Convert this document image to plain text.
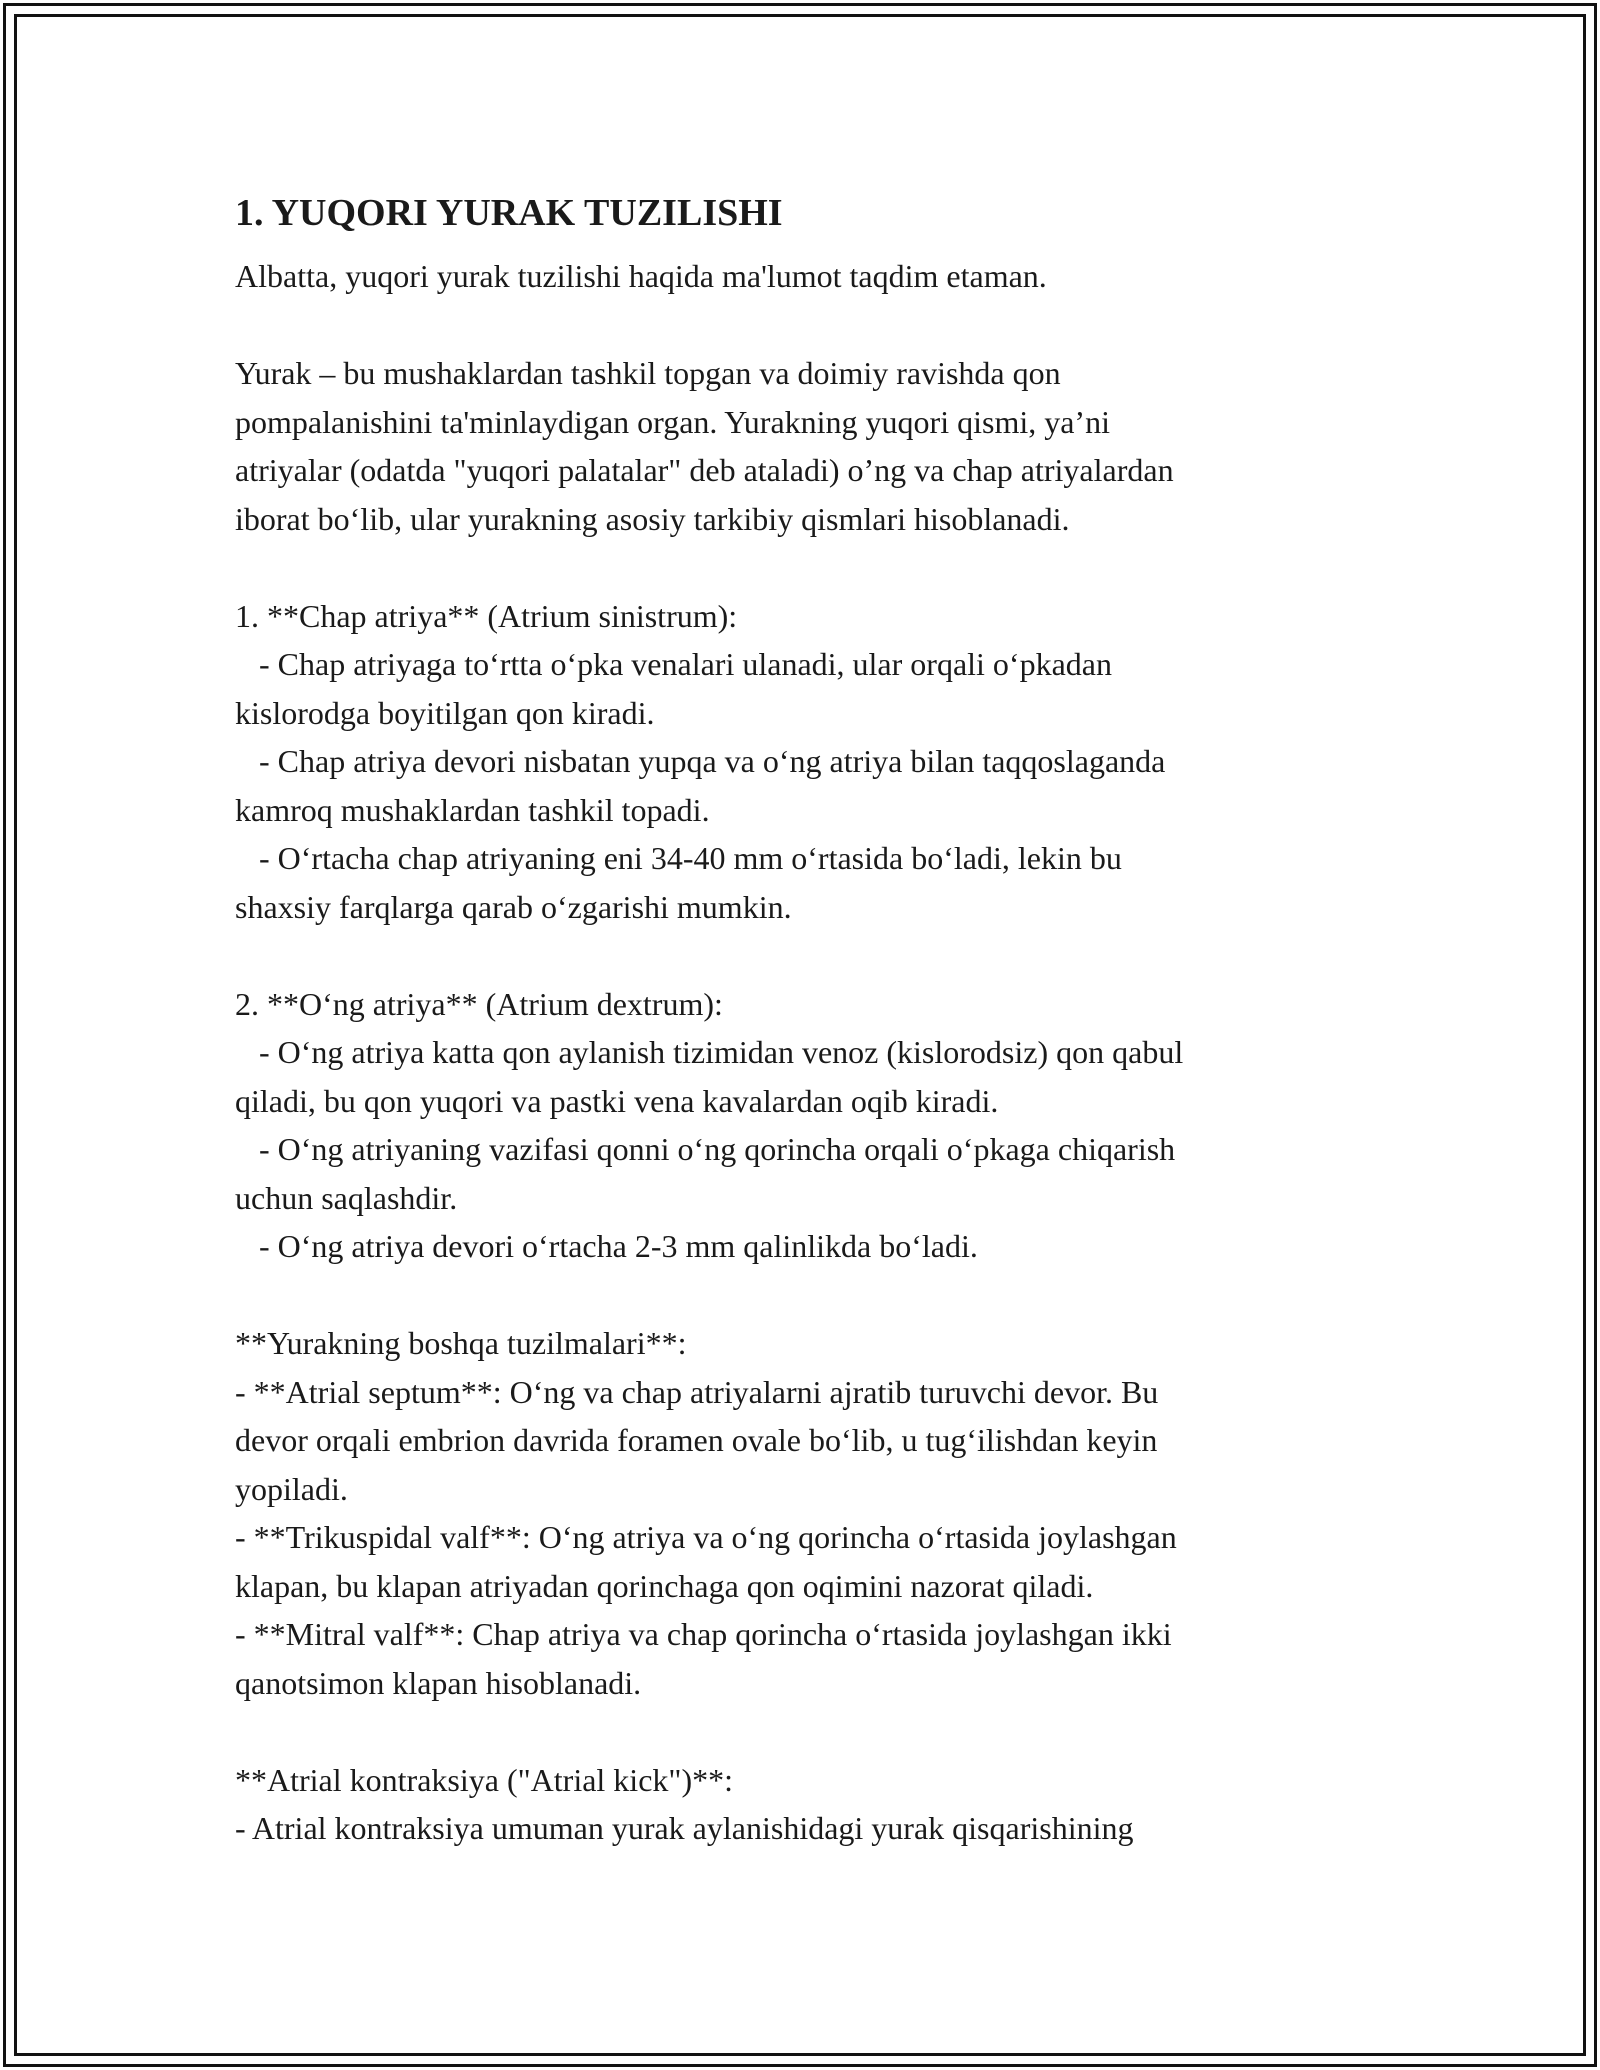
1. YUQORI YURAK TUZILISHI

Albatta, yuqori yurak tuzilishi haqida ma'lumot taqdim etaman.

Yurak – bu mushaklardan tashkil topgan va doimiy ravishda qon
pompalanishini ta'minlaydigan organ. Yurakning yuqori qismi, ya’ni
atriyalar (odatda "yuqori palatalar" deb ataladi) o’ng va chap atriyalardan
iborat boʻlib, ular yurakning asosiy tarkibiy qismlari hisoblanadi.

1. **Chap atriya** (Atrium sinistrum):
- Chap atriyaga toʻrtta oʻpka venalari ulanadi, ular orqali oʻpkadan
kislorodga boyitilgan qon kiradi.
- Chap atriya devori nisbatan yupqa va oʻng atriya bilan taqqoslaganda
kamroq mushaklardan tashkil topadi.
- Oʻrtacha chap atriyaning eni 34-40 mm oʻrtasida boʻladi, lekin bu
shaxsiy farqlarga qarab oʻzgarishi mumkin.

2. **Oʻng atriya** (Atrium dextrum):
- Oʻng atriya katta qon aylanish tizimidan venoz (kislorodsiz) qon qabul
qiladi, bu qon yuqori va pastki vena kavalardan oqib kiradi.
- Oʻng atriyaning vazifasi qonni oʻng qorincha orqali oʻpkaga chiqarish
uchun saqlashdir.
- Oʻng atriya devori oʻrtacha 2-3 mm qalinlikda boʻladi.

**Yurakning boshqa tuzilmalari**:
- **Atrial septum**: Oʻng va chap atriyalarni ajratib turuvchi devor. Bu
devor orqali embrion davrida foramen ovale boʻlib, u tugʻilishdan keyin
yopiladi.
- **Trikuspidal valf**: Oʻng atriya va oʻng qorincha oʻrtasida joylashgan
klapan, bu klapan atriyadan qorinchaga qon oqimini nazorat qiladi.
- **Mitral valf**: Chap atriya va chap qorincha oʻrtasida joylashgan ikki
qanotsimon klapan hisoblanadi.

**Atrial kontraksiya ("Atrial kick")**:
- Atrial kontraksiya umuman yurak aylanishidagi yurak qisqarishining
